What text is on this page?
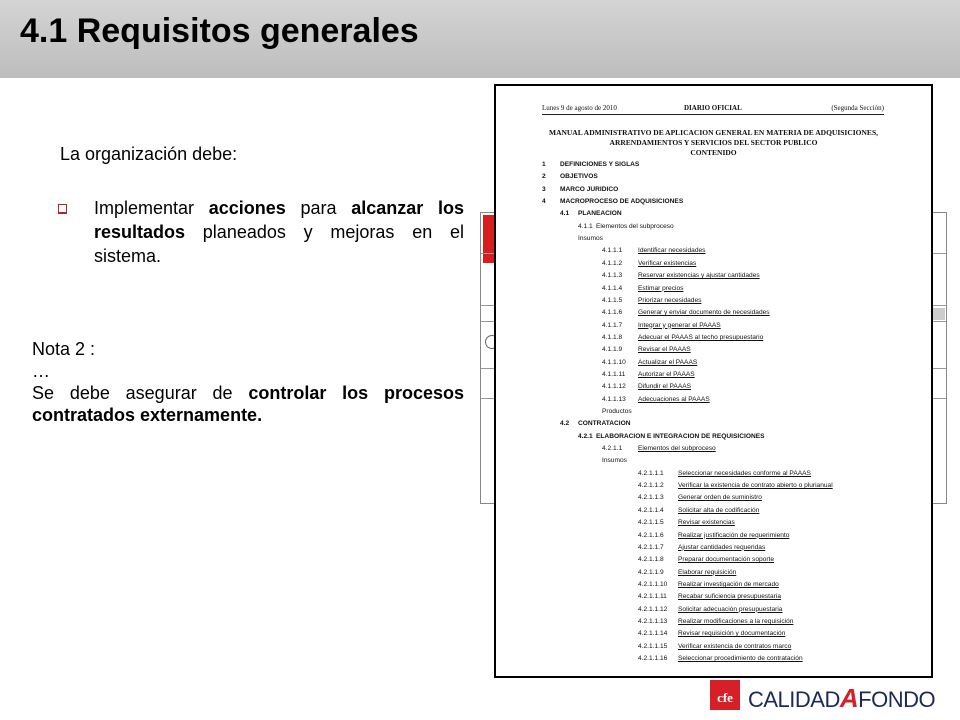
4.1 Requisitos generales

La organización debe:

Implementar acciones para alcanzar los resultados planeados y mejoras en el sistema.

Nota 2 :

…

Se debe asegurar de controlar los procesos contratados externamente.

Lunes 9 de agosto de 2010	DIARIO OFICIAL	(Segunda Sección)
MANUAL ADMINISTRATIVO DE APLICACION GENERAL EN MATERIA DE ADQUISICIONES, ARRENDAMIENTOS Y SERVICIOS DEL SECTOR PUBLICO
CONTENIDO
1 DEFINICIONES Y SIGLAS
2 OBJETIVOS
3 MARCO JURIDICO
4 MACROPROCESO DE ADQUISICIONES
4.1 PLANEACION
4.1.1 Elementos del subproceso
Insumos
4.1.1.1 Identificar necesidades
4.1.1.2 Verificar existencias
4.1.1.3 Reservar existencias y ajustar cantidades
4.1.1.4 Estimar precios
4.1.1.5 Priorizar necesidades
4.1.1.6 Generar y enviar documento de necesidades
4.1.1.7 Integrar y generar el PAAAS
4.1.1.8 Adecuar el PAAAS al techo presupuestario
4.1.1.9 Revisar el PAAAS
4.1.1.10 Actualizar el PAAAS
4.1.1.11 Autorizar el PAAAS
4.1.1.12 Difundir el PAAAS
4.1.1.13 Adecuaciones al PAAAS
Productos
4.2 CONTRATACION
4.2.1 ELABORACION E INTEGRACION DE REQUISICIONES
4.2.1.1 Elementos del subproceso
Insumos
4.2.1.1.1 Seleccionar necesidades conforme al PAAAS
4.2.1.1.2 Verificar la existencia de contrato abierto o plurianual
4.2.1.1.3 Generar orden de suministro
4.2.1.1.4 Solicitar alta de codificación
4.2.1.1.5 Revisar existencias
4.2.1.1.6 Realizar justificación de requerimiento
4.2.1.1.7 Ajustar cantidades requeridas
4.2.1.1.8 Preparar documentación soporte
4.2.1.1.9 Elaborar requisición
4.2.1.1.10 Realizar investigación de mercado
4.2.1.1.11 Recabar suficiencia presupuestaria
4.2.1.1.12 Solicitar adecuación presupuestaria
4.2.1.1.13 Realizar modificaciones a la requisición
4.2.1.1.14 Revisar requisición y documentación
4.2.1.1.15 Verificar existencia de contratos marco
4.2.1.1.16 Seleccionar procedimiento de contratación
cfe CALIDADAFONDO
